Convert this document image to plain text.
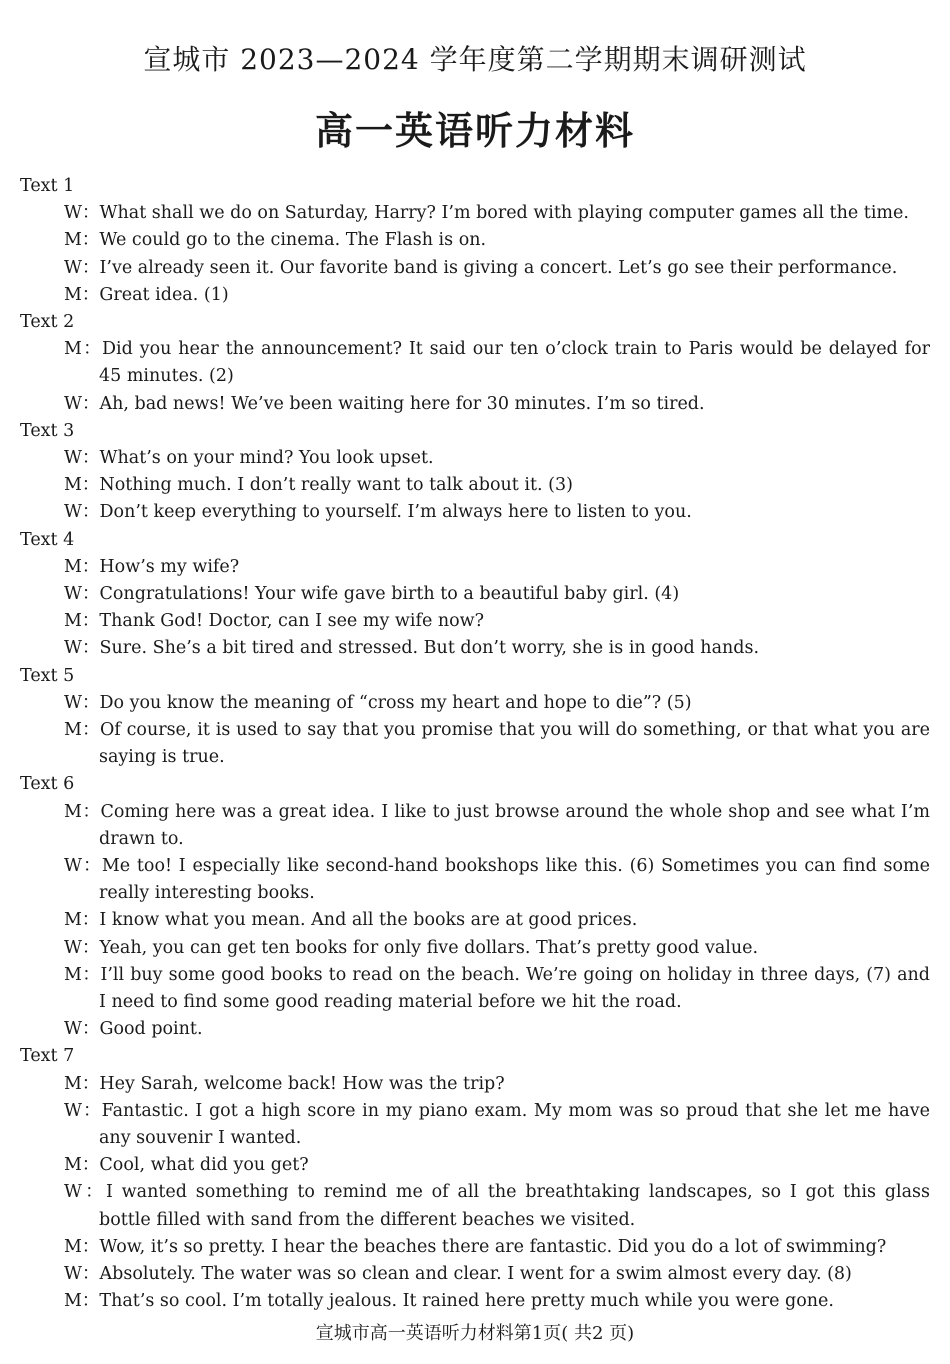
宣城市 2023—2024 学年度第二学期期末调研测试
高一英语听力材料
Text 1
W：What shall we do on Saturday, Harry? I’m bored with playing computer games all the time.
M：We could go to the cinema. The Flash is on.
W：I’ve already seen it. Our favorite band is giving a concert. Let’s go see their performance.
M：Great idea. (1)
Text 2
M：Did you hear the announcement? It said our ten o’clock train to Paris would be delayed for 45 minutes. (2)
W：Ah, bad news! We’ve been waiting here for 30 minutes. I’m so tired.
Text 3
W：What’s on your mind? You look upset.
M：Nothing much. I don’t really want to talk about it. (3)
W：Don’t keep everything to yourself. I’m always here to listen to you.
Text 4
M：How’s my wife?
W：Congratulations! Your wife gave birth to a beautiful baby girl. (4)
M：Thank God! Doctor, can I see my wife now?
W：Sure. She’s a bit tired and stressed. But don’t worry, she is in good hands.
Text 5
W：Do you know the meaning of “cross my heart and hope to die”? (5)
M：Of course, it is used to say that you promise that you will do something, or that what you are saying is true.
Text 6
M：Coming here was a great idea. I like to just browse around the whole shop and see what I’m drawn to.
W：Me too! I especially like second-hand bookshops like this. (6) Sometimes you can find some really interesting books.
M：I know what you mean. And all the books are at good prices.
W：Yeah, you can get ten books for only five dollars. That’s pretty good value.
M：I’ll buy some good books to read on the beach. We’re going on holiday in three days, (7) and I need to find some good reading material before we hit the road.
W：Good point.
Text 7
M：Hey Sarah, welcome back! How was the trip?
W：Fantastic. I got a high score in my piano exam. My mom was so proud that she let me have any souvenir I wanted.
M：Cool, what did you get?
W：I wanted something to remind me of all the breathtaking landscapes, so I got this glass bottle filled with sand from the different beaches we visited.
M：Wow, it’s so pretty. I hear the beaches there are fantastic. Did you do a lot of swimming?
W：Absolutely. The water was so clean and clear. I went for a swim almost every day. (8)
M：That’s so cool. I’m totally jealous. It rained here pretty much while you were gone.
宣城市高一英语听力材料第1页( 共2 页)
